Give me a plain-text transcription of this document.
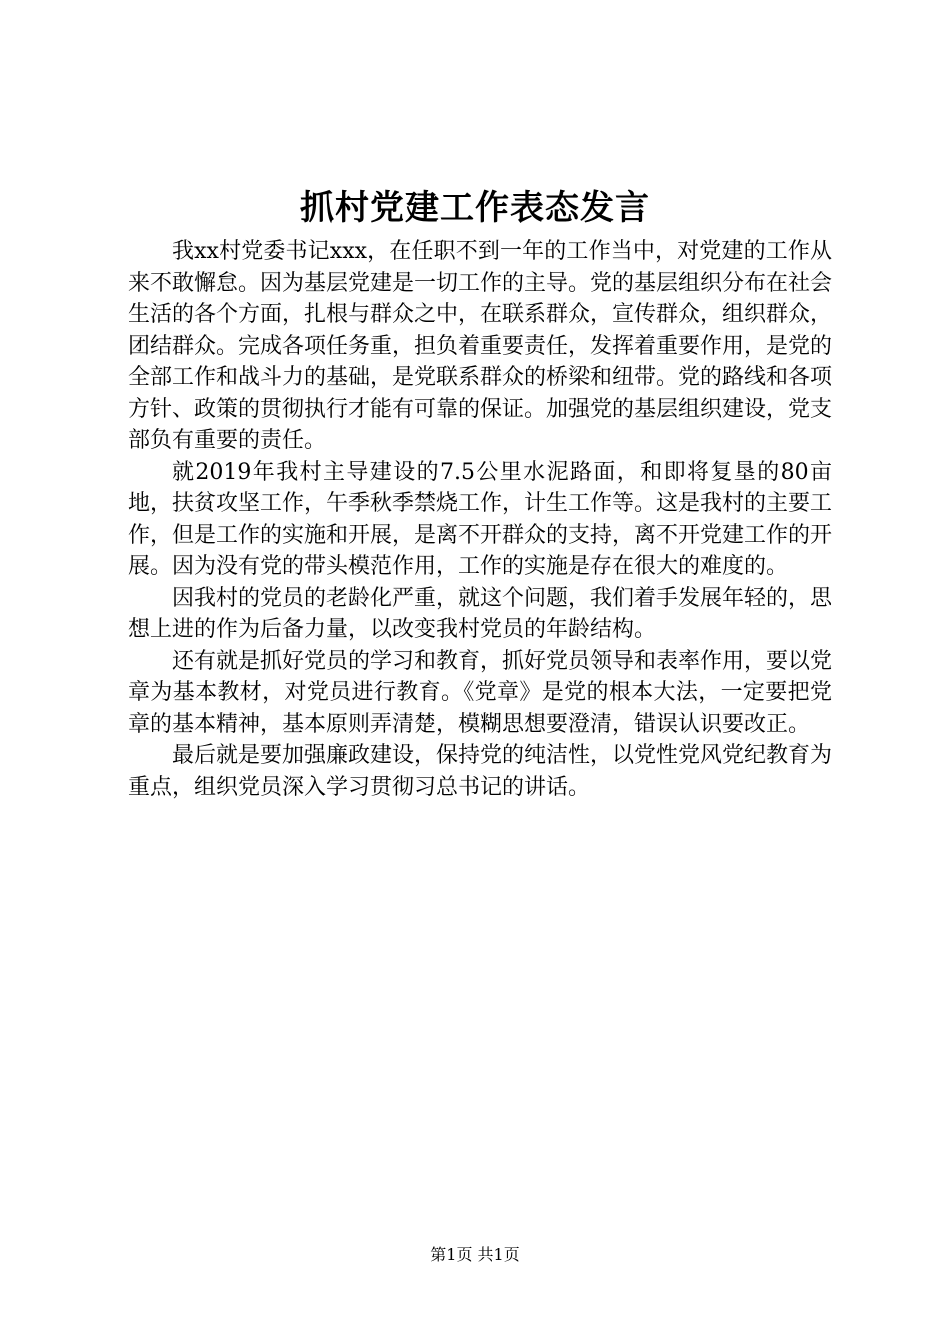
抓村党建工作表态发言

我xx村党委书记xxx，在任职不到一年的工作当中，对党建的工作从来不敢懈怠。因为基层党建是一切工作的主导。党的基层组织分布在社会生活的各个方面，扎根与群众之中，在联系群众，宣传群众，组织群众，团结群众。完成各项任务重，担负着重要责任，发挥着重要作用，是党的全部工作和战斗力的基础，是党联系群众的桥梁和纽带。党的路线和各项方针、政策的贯彻执行才能有可靠的保证。加强党的基层组织建设，党支部负有重要的责任。

就2019年我村主导建设的7.5公里水泥路面，和即将复垦的80亩地，扶贫攻坚工作，午季秋季禁烧工作，计生工作等。这是我村的主要工作，但是工作的实施和开展，是离不开群众的支持，离不开党建工作的开展。因为没有党的带头模范作用，工作的实施是存在很大的难度的。

因我村的党员的老龄化严重，就这个问题，我们着手发展年轻的，思想上进的作为后备力量，以改变我村党员的年龄结构。

还有就是抓好党员的学习和教育，抓好党员领导和表率作用，要以党章为基本教材，对党员进行教育。《党章》是党的根本大法，一定要把党章的基本精神，基本原则弄清楚，模糊思想要澄清，错误认识要改正。

最后就是要加强廉政建设，保持党的纯洁性，以党性党风党纪教育为重点，组织党员深入学习贯彻习总书记的讲话。

第1页 共1页
